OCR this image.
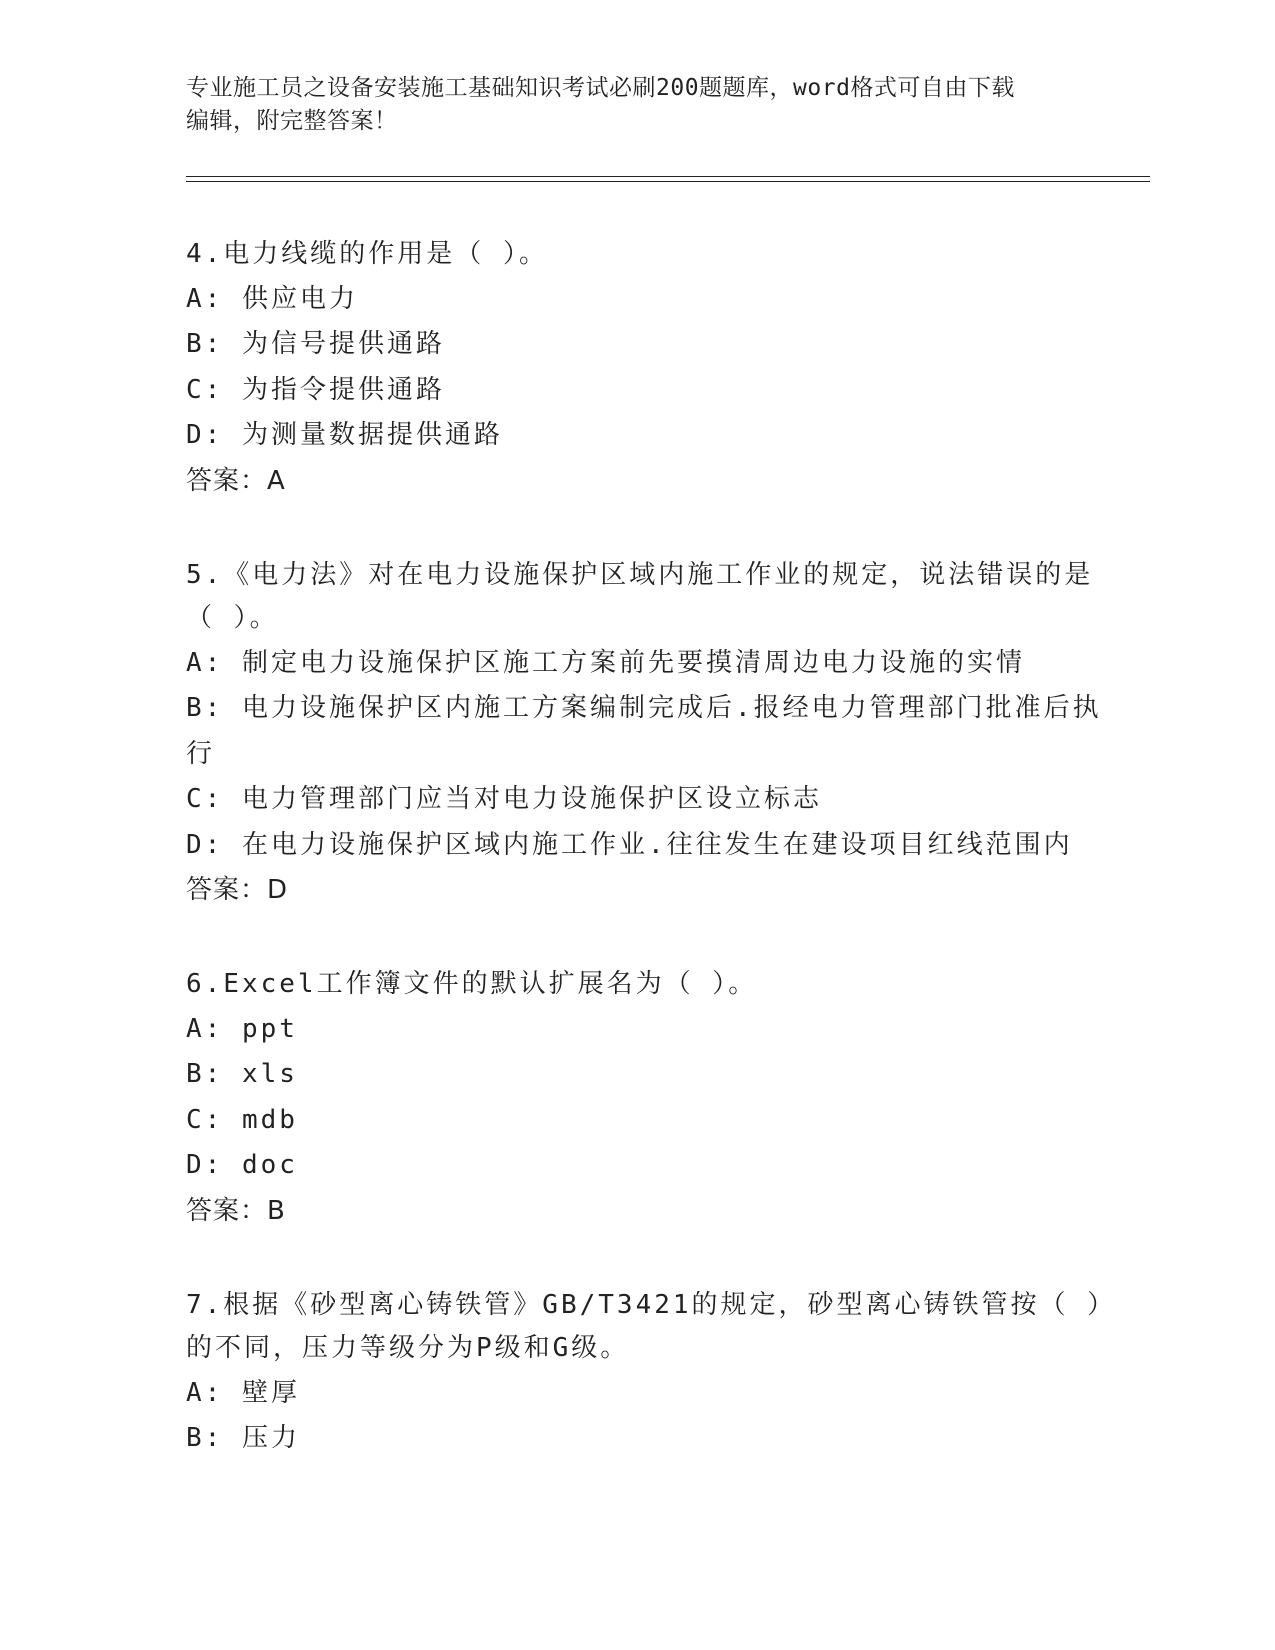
专业施工员之设备安装施工基础知识考试必刷200题题库，word格式可自由下载
编辑，附完整答案！
4.电力线缆的作用是（ ）。
A: 供应电力
B: 为信号提供通路
C: 为指令提供通路
D: 为测量数据提供通路
答案：A
5.《电力法》对在电力设施保护区域内施工作业的规定，说法错误的是（ ）。
A: 制定电力设施保护区施工方案前先要摸清周边电力设施的实情
B: 电力设施保护区内施工方案编制完成后.报经电力管理部门批准后执行
C: 电力管理部门应当对电力设施保护区设立标志
D: 在电力设施保护区域内施工作业.往往发生在建设项目红线范围内
答案：D
6.Excel工作簿文件的默认扩展名为（ ）。
A: ppt
B: xls
C: mdb
D: doc
答案：B
7.根据《砂型离心铸铁管》GB/T3421的规定，砂型离心铸铁管按（ ）的不同，压力等级分为P级和G级。
A: 壁厚
B: 压力
